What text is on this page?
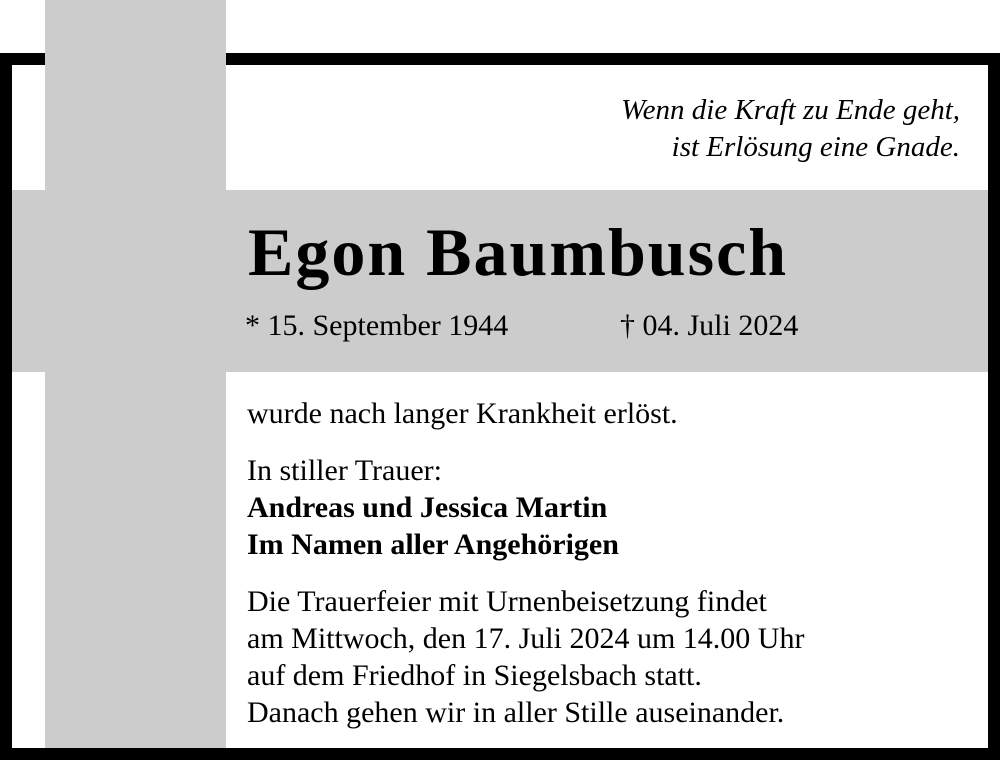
Wenn die Kraft zu Ende geht,
ist Erlösung eine Gnade.
Egon Baumbusch
* 15. September 1944	† 04. Juli 2024

wurde nach langer Krankheit erlöst.

In stiller Trauer:
Andreas und Jessica Martin
Im Namen aller Angehörigen

Die Trauerfeier mit Urnenbeisetzung findet
am Mittwoch, den 17. Juli 2024 um 14.00 Uhr
auf dem Friedhof in Siegelsbach statt.
Danach gehen wir in aller Stille auseinander.
